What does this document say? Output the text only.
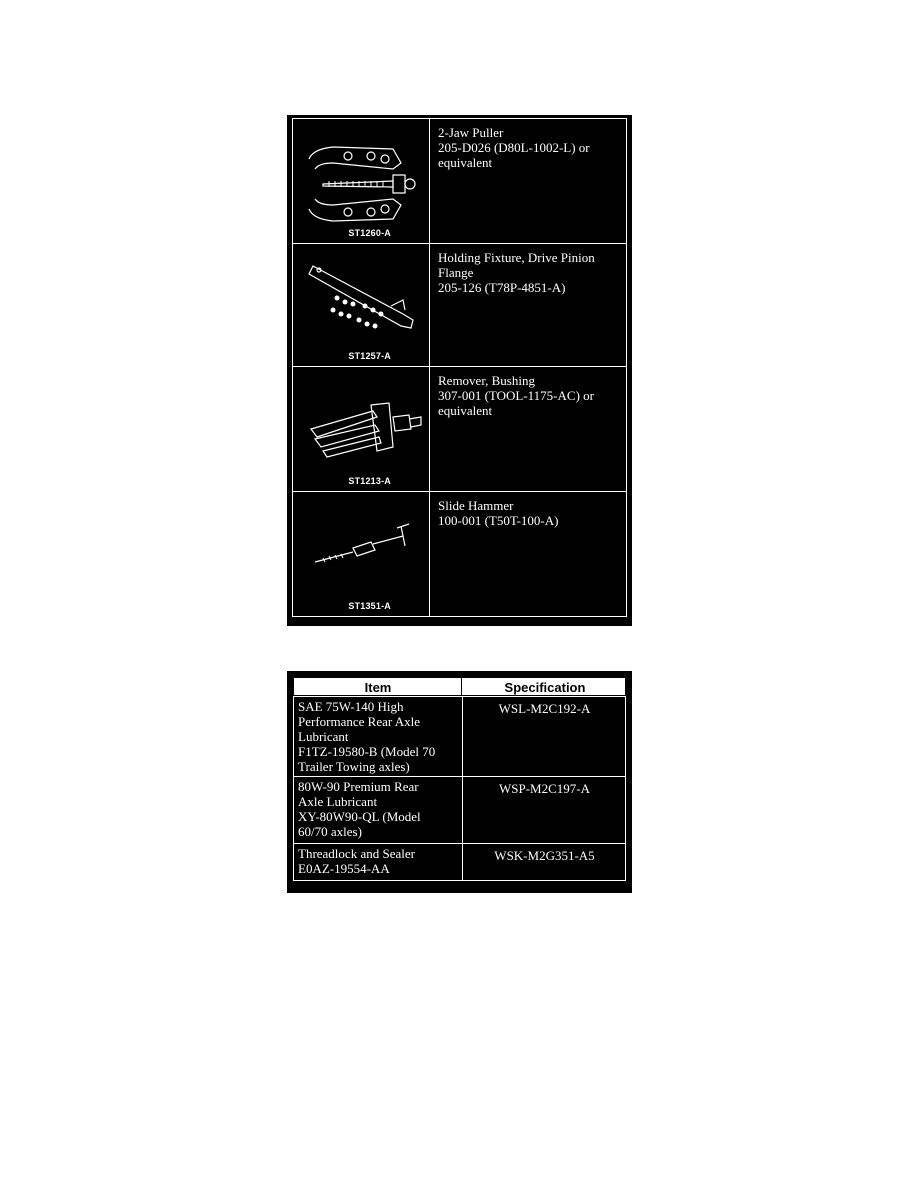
ST1260-A
2-Jaw Puller
205-D026 (D80L-1002-L) or
equivalent
ST1257-A
Holding Fixture, Drive Pinion
Flange
205-126 (T78P-4851-A)
ST1213-A
Remover, Bushing
307-001 (TOOL-1175-AC) or
equivalent
ST1351-A
Slide Hammer
100-001 (T50T-100-A)
Item	Specification
SAE 75W-140 High
Performance Rear Axle
Lubricant
F1TZ-19580-B (Model 70
Trailer Towing axles)
WSL-M2C192-A
80W-90 Premium Rear
Axle Lubricant
XY-80W90-QL (Model
60/70 axles)
WSP-M2C197-A
Threadlock and Sealer
E0AZ-19554-AA
WSK-M2G351-A5
